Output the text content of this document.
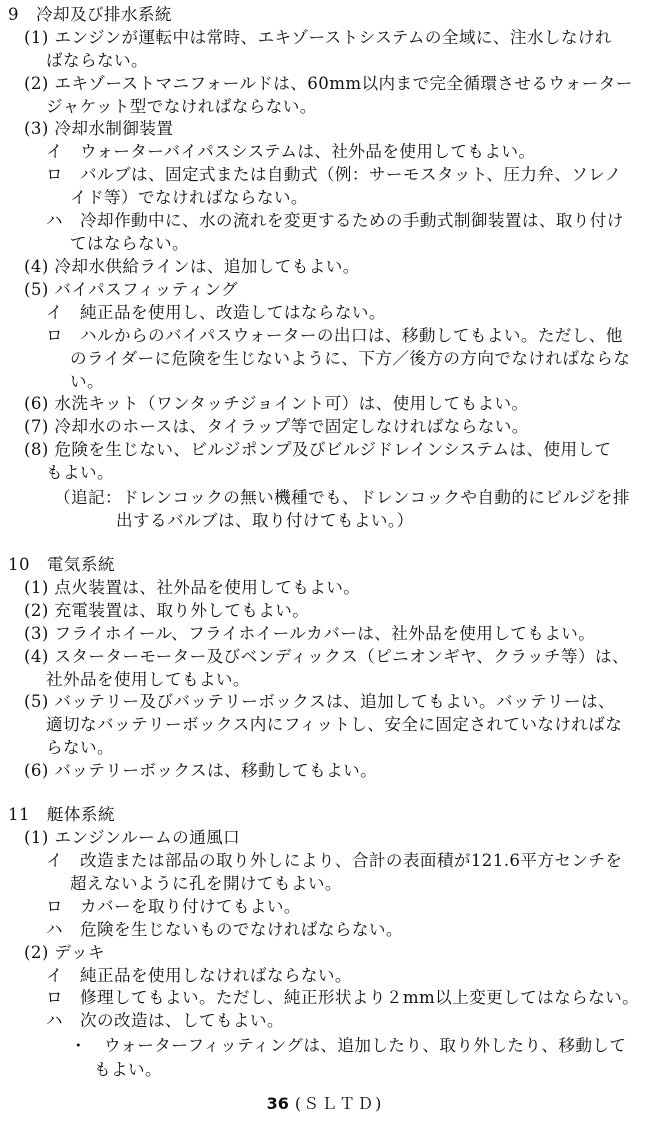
9　冷却及び排水系統
(1) エンジンが運転中は常時、エキゾーストシステムの全域に、注水しなけれ
ばならない。
(2) エキゾーストマニフォールドは、60mm以内まで完全循環させるウォーター
ジャケット型でなければならない。
(3) 冷却水制御装置
イ　ウォーターバイパスシステムは、社外品を使用してもよい。
ロ　バルブは、固定式または自動式（例：サーモスタット、圧力弁、ソレノ
イド等）でなければならない。
ハ　冷却作動中に、水の流れを変更するための手動式制御装置は、取り付け
てはならない。
(4) 冷却水供給ラインは、追加してもよい。
(5) バイパスフィッティング
イ　純正品を使用し、改造してはならない。
ロ　ハルからのバイパスウォーターの出口は、移動してもよい。ただし、他
のライダーに危険を生じないように、下方／後方の方向でなければならな
い。
(6) 水洗キット（ワンタッチジョイント可）は、使用してもよい。
(7) 冷却水のホースは、タイラップ等で固定しなければならない。
(8) 危険を生じない、ビルジポンプ及びビルジドレインシステムは、使用して
もよい。
（追記：ドレンコックの無い機種でも、ドレンコックや自動的にビルジを排
出するバルブは、取り付けてもよい。）
10　電気系統
(1) 点火装置は、社外品を使用してもよい。
(2) 充電装置は、取り外してもよい。
(3) フライホイール、フライホイールカバーは、社外品を使用してもよい。
(4) スターターモーター及びベンディックス（ピニオンギヤ、クラッチ等）は、
社外品を使用してもよい。
(5) バッテリー及びバッテリーボックスは、追加してもよい。バッテリーは、
適切なバッテリーボックス内にフィットし、安全に固定されていなければな
らない。
(6) バッテリーボックスは、移動してもよい。
11　艇体系統
(1) エンジンルームの通風口
イ　改造または部品の取り外しにより、合計の表面積が121.6平方センチを
超えないように孔を開けてもよい。
ロ　カバーを取り付けてもよい。
ハ　危険を生じないものでなければならない。
(2) デッキ
イ　純正品を使用しなければならない。
ロ　修理してもよい。ただし、純正形状より２mm以上変更してはならない。
ハ　次の改造は、してもよい。
36 (ＳＬＴＤ)
・　ウォーターフィッティングは、追加したり、取り外したり、移動して
もよい。
